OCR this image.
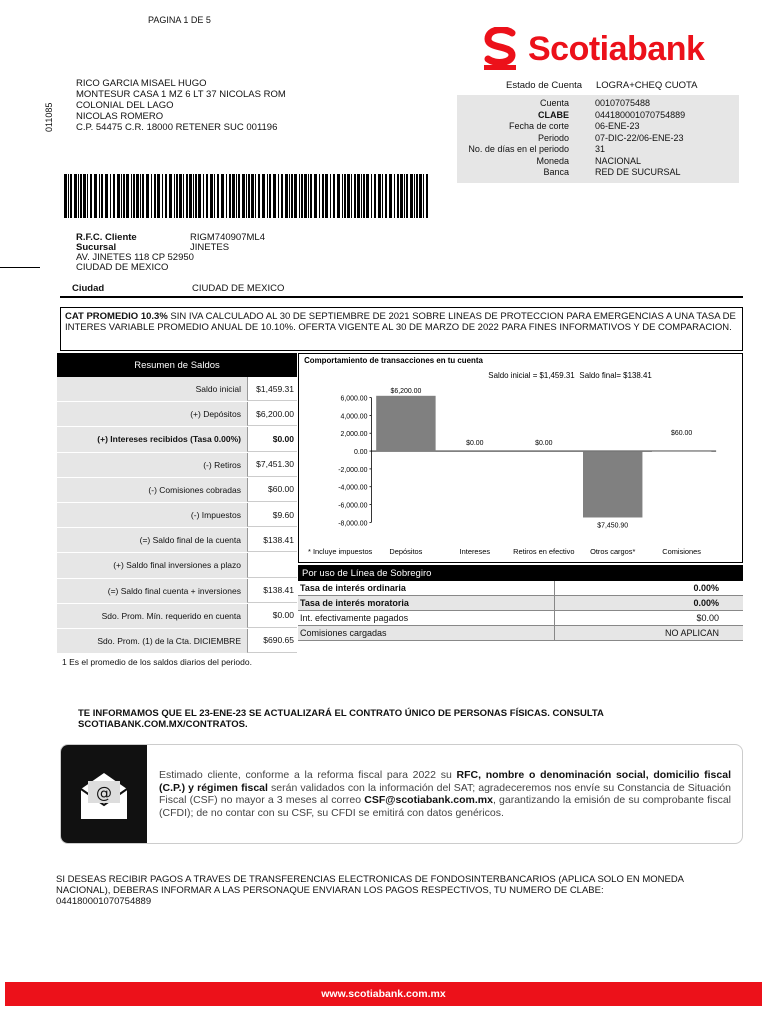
PAGINA 1 DE 5
Scotiabank
011085
RICO GARCIA MISAEL HUGO
MONTESUR CASA 1 MZ 6 LT 37 NICOLAS ROM
COLONIAL DEL LAGO
NICOLAS ROMERO
C.P. 54475 C.R. 18000 RETENER SUC 001196
Estado de Cuenta LOGRA+CHEQ CUOTA
Cuenta	00107075488
CLABE	044180001070754889
Fecha de corte	06-ENE-23
Periodo	07-DIC-22/06-ENE-23
No. de días en el periodo	31
Moneda	NACIONAL
Banca	RED DE SUCURSAL
R.F.C. Cliente	RIGM740907ML4
Sucursal	JINETES
AV. JINETES 118 CP 52950
CIUDAD DE MEXICO
Ciudad	CIUDAD DE MEXICO
CAT PROMEDIO 10.3% SIN IVA CALCULADO AL 30 DE SEPTIEMBRE DE 2021 SOBRE LINEAS DE PROTECCION PARA EMERGENCIAS A UNA TASA DE INTERES VARIABLE PROMEDIO ANUAL DE 10.10%. OFERTA VIGENTE AL 30 DE MARZO DE 2022 PARA FINES INFORMATIVOS Y DE COMPARACION.
Resumen de Saldos
Saldo inicial	$1,459.31
(+) Depósitos	$6,200.00
(+) Intereses recibidos (Tasa 0.00%)	$0.00
(-) Retiros	$7,451.30
(-) Comisiones cobradas	$60.00
(-) Impuestos	$9.60
(=) Saldo final de la cuenta	$138.41
(+) Saldo final inversiones a plazo
(=) Saldo final cuenta + inversiones	$138.41
Sdo. Prom. Mín. requerido en cuenta	$0.00
Sdo. Prom. (1) de la Cta. DICIEMBRE	$690.65
Comportamiento de transacciones en tu cuenta
Saldo inicial = $1,459.31 Saldo final= $138.41
6,000.00
4,000.00
2,000.00
0.00
-2,000.00
-4,000.00
-6,000.00
-8,000.00
$6,200.00
Depósitos
$0.00
Intereses
$0.00
Retiros en efectivo
$7,450.90
Otros cargos*
$60.00
Comisiones
* Incluye impuestos
Por uso de Línea de Sobregiro
Tasa de interés ordinaria	0.00%
Tasa de interés moratoria	0.00%
Int. efectivamente pagados	$0.00
Comisiones cargadas	NO APLICAN
1 Es el promedio de los saldos diarios del periodo.
TE INFORMAMOS QUE EL 23-ENE-23 SE ACTUALIZARÁ EL CONTRATO ÚNICO DE PERSONAS FÍSICAS. CONSULTA
SCOTIABANK.COM.MX/CONTRATOS.
@
Estimado cliente, conforme a la reforma fiscal para 2022 su RFC, nombre o denominación social, domicilio fiscal (C.P.) y régimen fiscal serán validados con la información del SAT; agradeceremos nos envíe su Constancia de Situación Fiscal (CSF) no mayor a 3 meses al correo CSF@scotiabank.com.mx, garantizando la emisión de su comprobante fiscal (CFDI); de no contar con su CSF, su CFDI se emitirá con datos genéricos.
SI DESEAS RECIBIR PAGOS A TRAVES DE TRANSFERENCIAS ELECTRONICAS DE FONDOSINTERBANCARIOS (APLICA SOLO EN MONEDA
NACIONAL), DEBERAS INFORMAR A LAS PERSONAQUE ENVIARAN LOS PAGOS RESPECTIVOS, TU NUMERO DE CLABE:
044180001070754889
www.scotiabank.com.mx
